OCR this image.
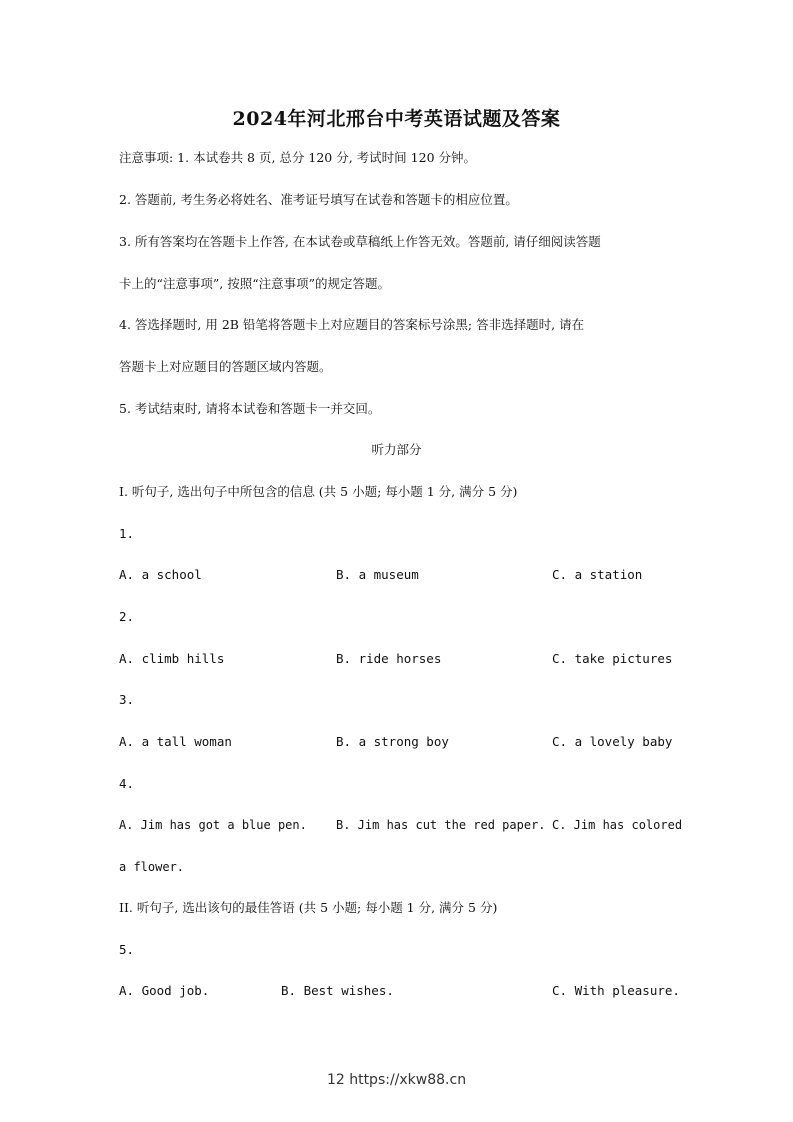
2024年河北邢台中考英语试题及答案
注意事项: 1. 本试卷共 8 页, 总分 120 分, 考试时间 120 分钟。
2. 答题前, 考生务必将姓名、准考证号填写在试卷和答题卡的相应位置。
3. 所有答案均在答题卡上作答, 在本试卷或草稿纸上作答无效。答题前, 请仔细阅读答题
卡上的“注意事项”, 按照“注意事项”的规定答题。
4. 答选择题时, 用 2B 铅笔将答题卡上对应题目的答案标号涂黑; 答非选择题时, 请在
答题卡上对应题目的答题区域内答题。
5. 考试结束时, 请将本试卷和答题卡一并交回。
听力部分
I. 听句子, 选出句子中所包含的信息 (共 5 小题; 每小题 1 分, 满分 5 分)
1.
A. a school	B. a museum	C. a station
2.
A. climb hills	B. ride horses	C. take pictures
3.
A. a tall woman	B. a strong boy	C. a lovely baby
4.
A. Jim has got a blue pen. B. Jim has cut the red paper. C. Jim has colored
a flower.
II. 听句子, 选出该句的最佳答语 (共 5 小题; 每小题 1 分, 满分 5 分)
5.
A. Good job.	B. Best wishes.	C. With pleasure.
12 https://xkw88.cn
